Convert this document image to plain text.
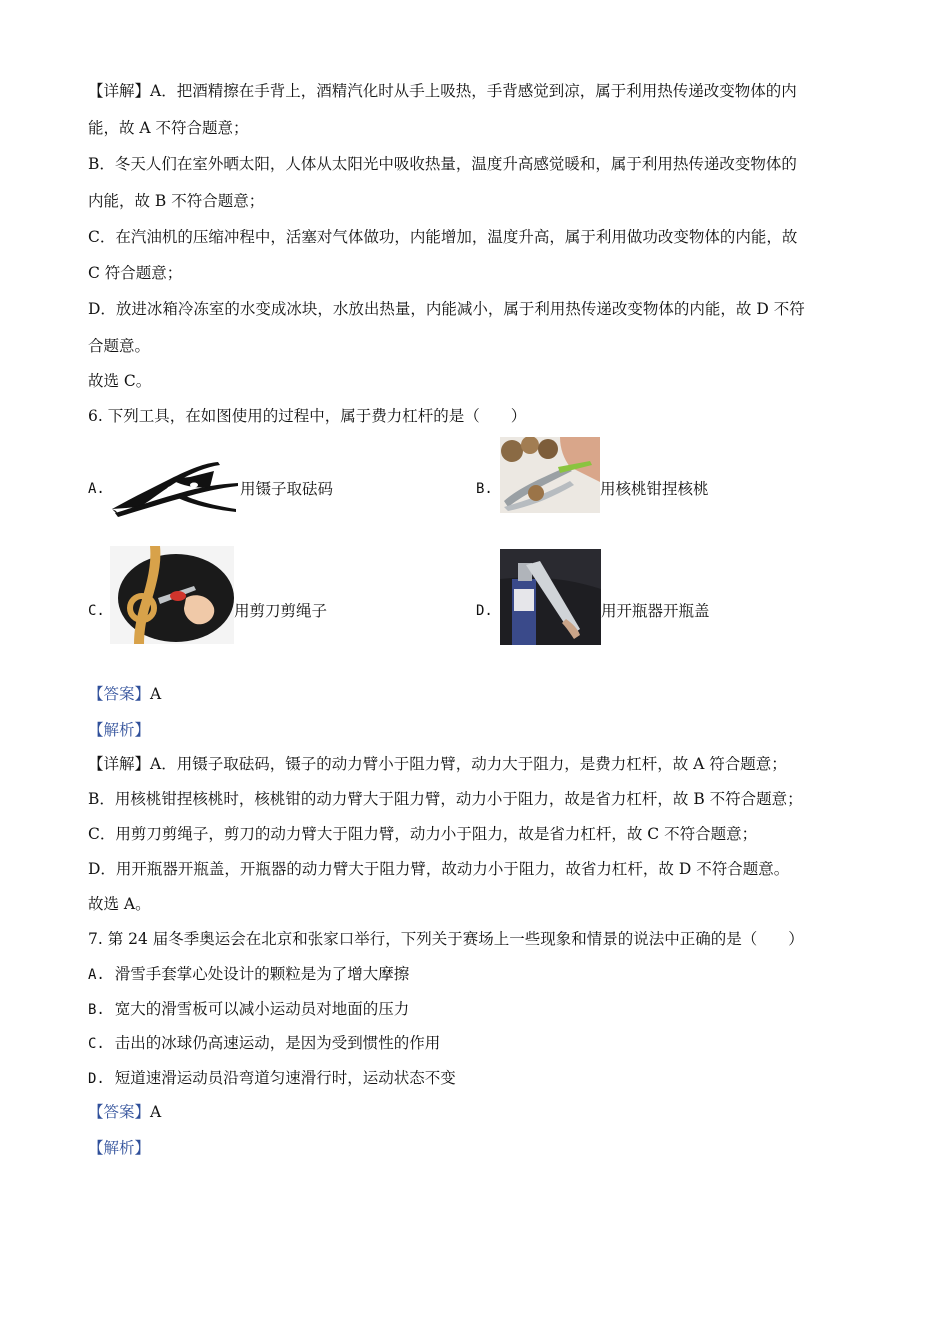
【详解】A．把酒精擦在手背上，酒精汽化时从手上吸热，手背感觉到凉，属于利用热传递改变物体的内
能，故 A 不符合题意；
B．冬天人们在室外晒太阳，人体从太阳光中吸收热量，温度升高感觉暖和，属于利用热传递改变物体的
内能，故 B 不符合题意；
C．在汽油机的压缩冲程中，活塞对气体做功，内能增加，温度升高，属于利用做功改变物体的内能，故
C 符合题意；
D．放进冰箱冷冻室的水变成冰块，水放出热量，内能减小，属于利用热传递改变物体的内能，故 D 不符
合题意。
故选 C。
6. 下列工具，在如图使用的过程中，属于费力杠杆的是（　　）
A.	用镊子取砝码	B.	用核桃钳捏核桃
C.	用剪刀剪绳子	D.	用开瓶器开瓶盖
【答案】A
【解析】
【详解】A．用镊子取砝码，镊子的动力臂小于阻力臂，动力大于阻力，是费力杠杆，故 A 符合题意；
B．用核桃钳捏核桃时，核桃钳的动力臂大于阻力臂，动力小于阻力，故是省力杠杆，故 B 不符合题意；
C．用剪刀剪绳子，剪刀的动力臂大于阻力臂，动力小于阻力，故是省力杠杆，故 C 不符合题意；
D．用开瓶器开瓶盖，开瓶器的动力臂大于阻力臂，故动力小于阻力，故省力杠杆，故 D 不符合题意。
故选 A。
7. 第 24 届冬季奥运会在北京和张家口举行，下列关于赛场上一些现象和情景的说法中正确的是（　　）
A. 滑雪手套掌心处设计的颗粒是为了增大摩擦
B. 宽大的滑雪板可以减小运动员对地面的压力
C. 击出的冰球仍高速运动，是因为受到惯性的作用
D. 短道速滑运动员沿弯道匀速滑行时，运动状态不变
【答案】A
【解析】
